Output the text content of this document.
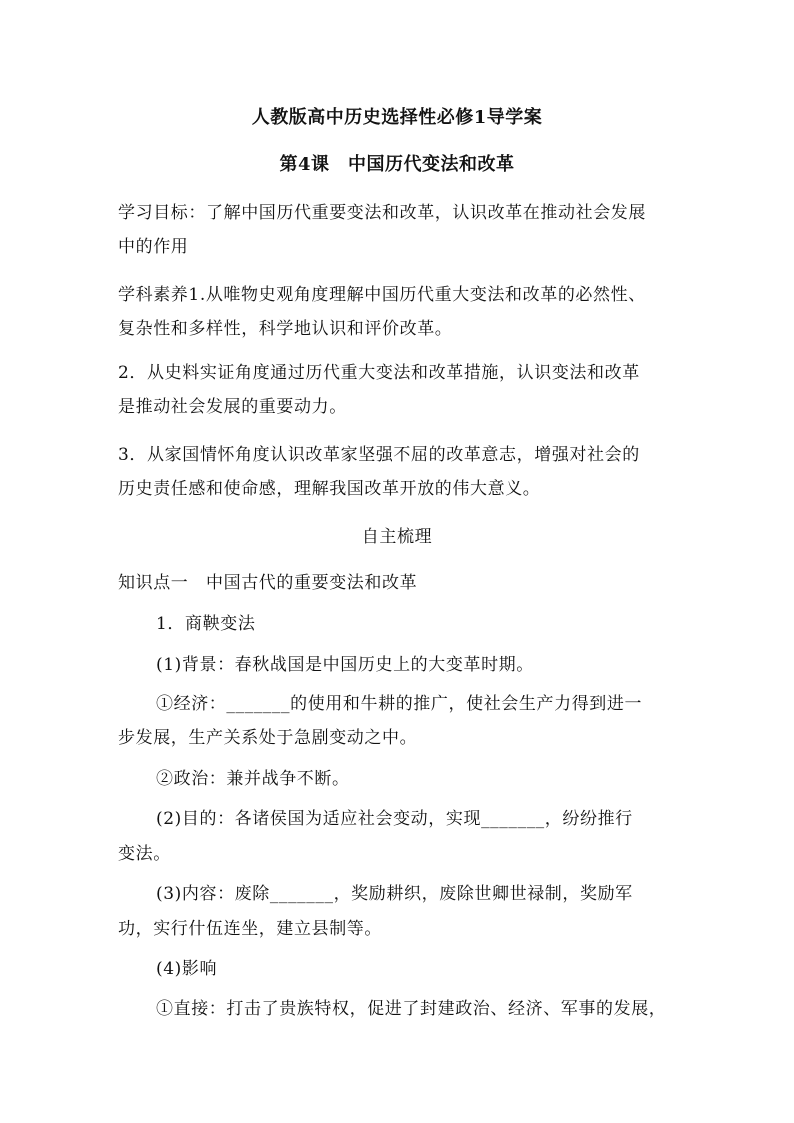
人教版高中历史选择性必修1导学案
第4课　中国历代变法和改革
学习目标：了解中国历代重要变法和改革，认识改革在推动社会发展
中的作用
学科素养1.从唯物史观角度理解中国历代重大变法和改革的必然性、
复杂性和多样性，科学地认识和评价改革。
2．从史料实证角度通过历代重大变法和改革措施，认识变法和改革
是推动社会发展的重要动力。
3．从家国情怀角度认识改革家坚强不屈的改革意志，增强对社会的
历史责任感和使命感，理解我国改革开放的伟大意义。
自主梳理
知识点一　中国古代的重要变法和改革
1．商鞅变法
(1)背景：春秋战国是中国历史上的大变革时期。
①经济：_______的使用和牛耕的推广，使社会生产力得到进一
步发展，生产关系处于急剧变动之中。
②政治：兼并战争不断。
(2)目的：各诸侯国为适应社会变动，实现_______，纷纷推行
变法。
(3)内容：废除_______，奖励耕织，废除世卿世禄制，奖励军
功，实行什伍连坐，建立县制等。
(4)影响
①直接：打击了贵族特权，促进了封建政治、经济、军事的发展，
